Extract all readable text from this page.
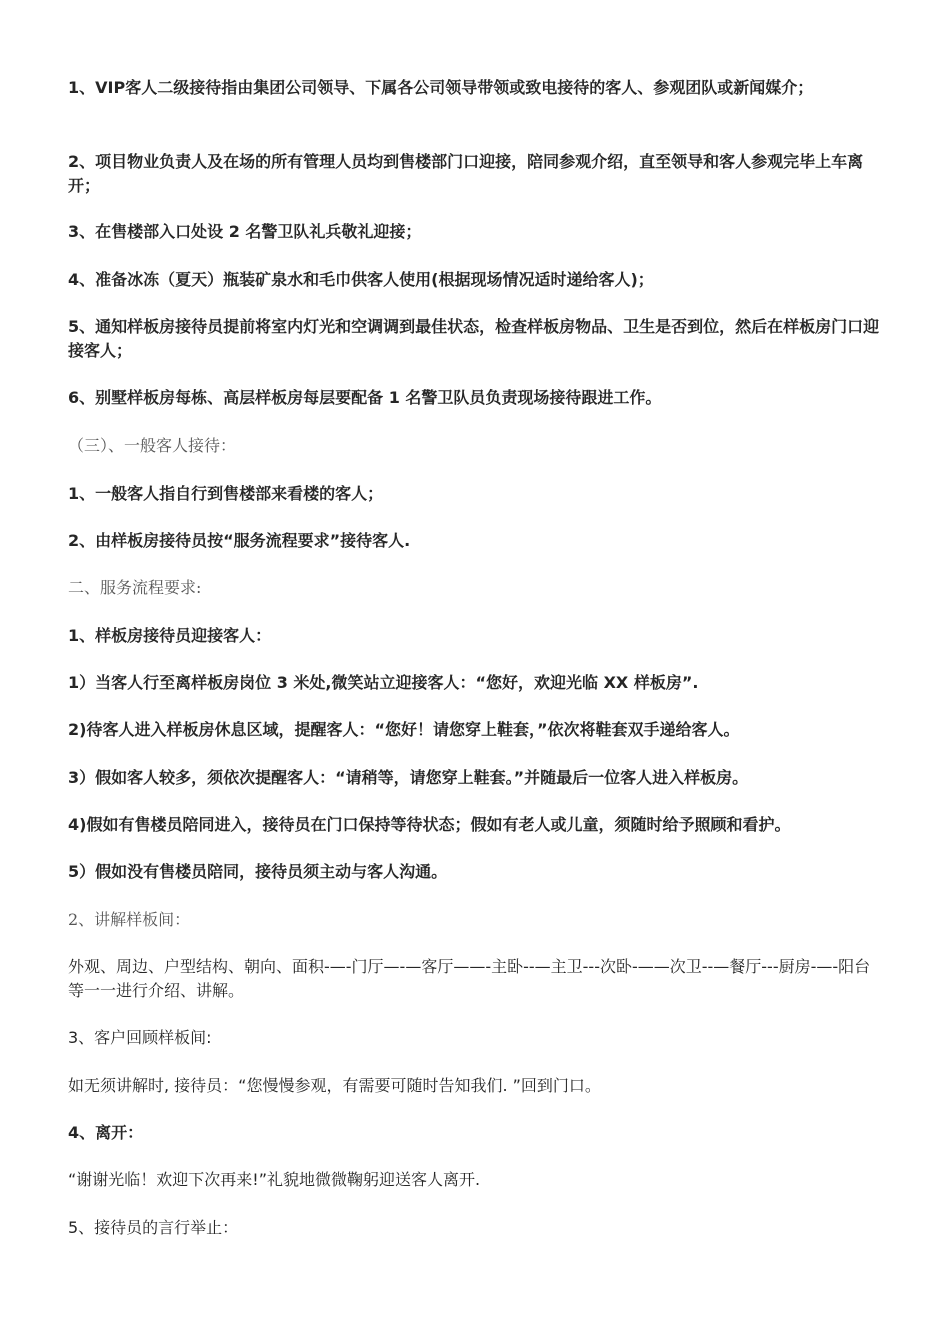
1、VIP客人二级接待指由集团公司领导、下属各公司领导带领或致电接待的客人、参观团队或新闻媒介；
2、项目物业负责人及在场的所有管理人员均到售楼部门口迎接，陪同参观介绍，直至领导和客人参观完毕上车离开；
3、在售楼部入口处设 2 名警卫队礼兵敬礼迎接；
4、准备冰冻（夏天）瓶装矿泉水和毛巾供客人使用(根据现场情况适时递给客人)；
5、通知样板房接待员提前将室内灯光和空调调到最佳状态，检查样板房物品、卫生是否到位，然后在样板房门口迎接客人；
6、别墅样板房每栋、高层样板房每层要配备 1 名警卫队员负责现场接待跟进工作。
（三）、一般客人接待：
1、一般客人指自行到售楼部来看楼的客人；
2、由样板房接待员按“服务流程要求”接待客人.
二、服务流程要求:
1、样板房接待员迎接客人：
1）当客人行至离样板房岗位 3 米处,微笑站立迎接客人：“您好，欢迎光临 XX 样板房”.
2)待客人进入样板房休息区域，提醒客人：“您好！请您穿上鞋套，”依次将鞋套双手递给客人。
3）假如客人较多，须依次提醒客人：“请稍等，请您穿上鞋套。”并随最后一位客人进入样板房。
4)假如有售楼员陪同进入，接待员在门口保持等待状态；假如有老人或儿童，须随时给予照顾和看护。
5）假如没有售楼员陪同，接待员须主动与客人沟通。
2、讲解样板间：
外观、周边、户型结构、朝向、面积-—-门厅—-—客厅——-主卧--—主卫---次卧-——次卫--—餐厅---厨房-—-阳台等一一进行介绍、讲解。
3、客户回顾样板间:
如无须讲解时, 接待员：“您慢慢参观，有需要可随时告知我们. ”回到门口。
4、离开：
“谢谢光临！欢迎下次再来!”礼貌地微微鞠躬迎送客人离开.
5、接待员的言行举止：
